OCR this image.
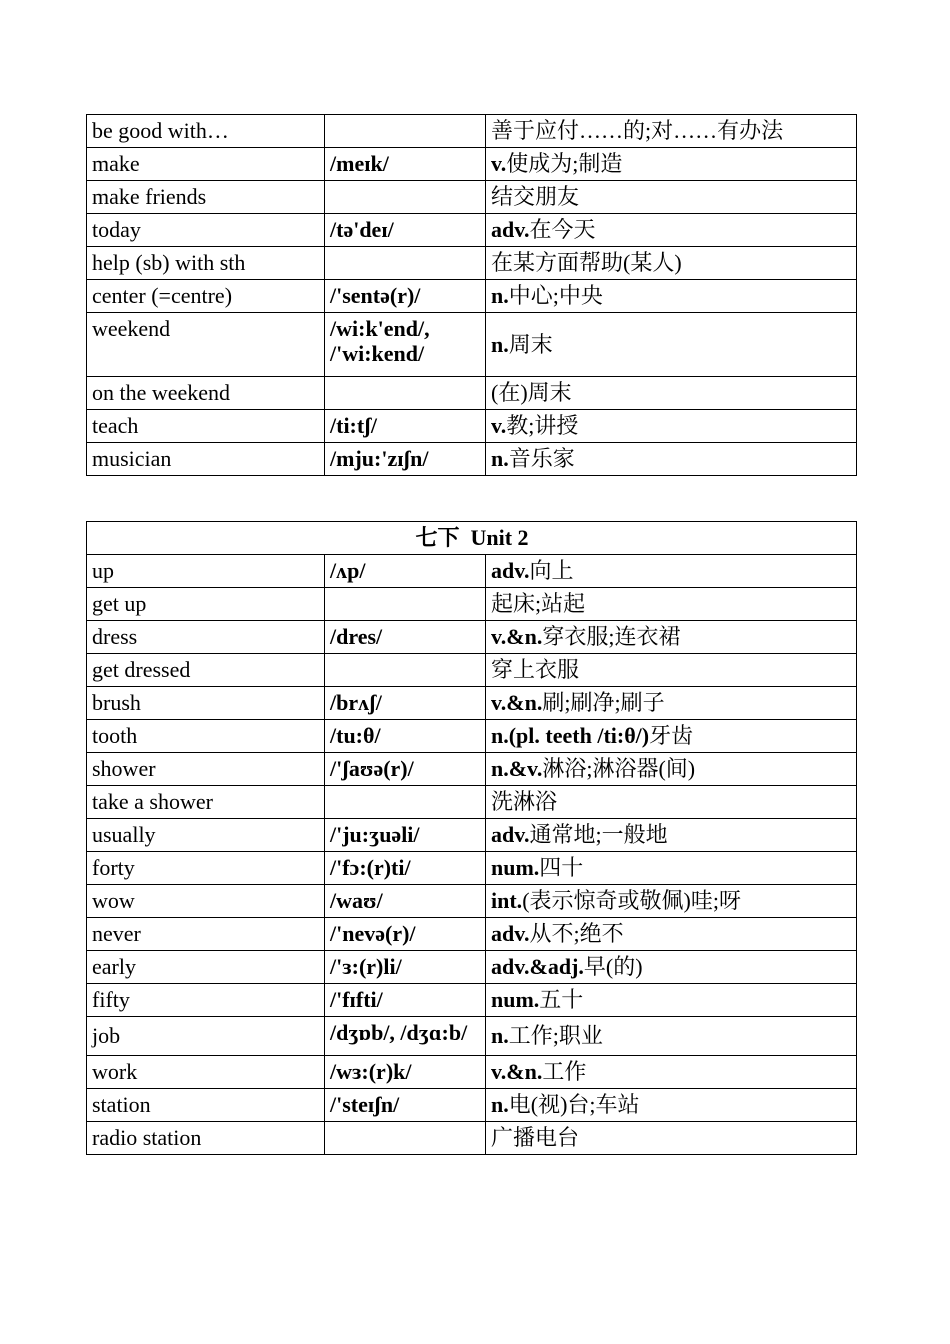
be good with…		善于应付……的;对……有办法
make	/meɪk/	v.使成为;制造
make friends		结交朋友
today	/tə'deɪ/	adv.在今天
help (sb) with sth		在某方面帮助(某人)
center (=centre)	/'sentə(r)/	n.中心;中央
weekend	/wi:k'end/, /'wi:kend/	n.周末
on the weekend		(在)周末
teach	/ti:tʃ/	v.教;讲授
musician	/mju:'zɪʃn/	n.音乐家
七下 Unit 2		
up	/ʌp/	adv.向上
get up		起床;站起
dress	/dres/	v.&n.穿衣服;连衣裙
get dressed		穿上衣服
brush	/brʌʃ/	v.&n.刷;刷净;刷子
tooth	/tu:θ/	n.(pl. teeth /ti:θ/)牙齿
shower	/'ʃaʊə(r)/	n.&v.淋浴;淋浴器(间)
take a shower		洗淋浴
usually	/'ju:ʒuəli/	adv.通常地;一般地
forty	/'fɔ:(r)ti/	num.四十
wow	/waʊ/	int.(表示惊奇或敬佩)哇;呀
never	/'nevə(r)/	adv.从不;绝不
early	/'ɜ:(r)li/	adv.&adj.早(的)
fifty	/'fɪfti/	num.五十
job	/dʒɒb/, /dʒɑ:b/	n.工作;职业
work	/wɜ:(r)k/	v.&n.工作
station	/'steɪʃn/	n.电(视)台;车站
radio station		广播电台
